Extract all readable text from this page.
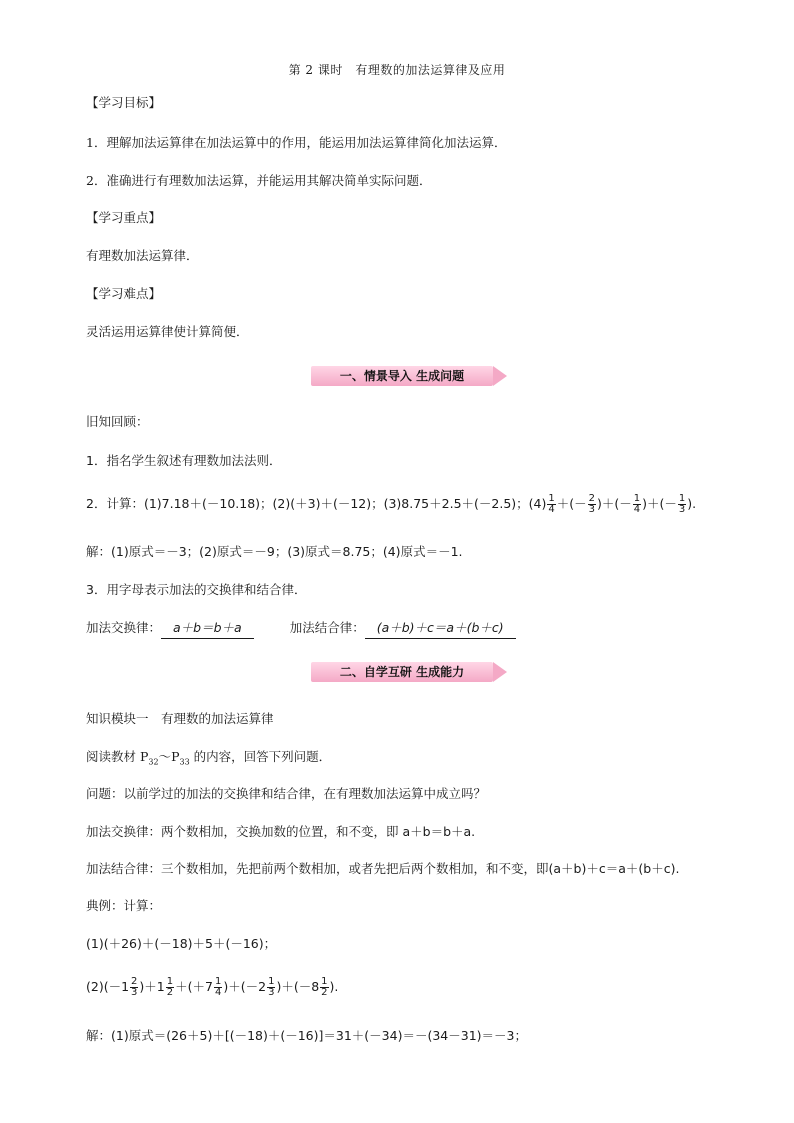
第 2 课时　有理数的加法运算律及应用
【学习目标】
1．理解加法运算律在加法运算中的作用，能运用加法运算律简化加法运算．
2．准确进行有理数加法运算，并能运用其解决简单实际问题．
【学习重点】
有理数加法运算律．
【学习难点】
灵活运用运算律使计算简便．
一、情景导入 生成问题
旧知回顾：
1．指名学生叙述有理数加法法则．
2．计算：(1)7.18＋(－10.18)；(2)(＋3)＋(－12)；(3)8.75＋2.5＋(－2.5)；$(4) \frac{1}{4}$ ＋(－ $\frac{2}{3}$ )＋(－ $\frac{1}{4}$ )＋(－ $\frac{1}{3}$ ).
解：(1)原式＝－3；(2)原式＝－9；(3)原式＝8.75；(4)原式＝－1.
3．用字母表示加法的交换律和结合律．
加法交换律： a＋b＝b＋a	加法结合律： (a＋b)＋c＝a＋(b＋c)
二、自学互研 生成能力
知识模块一　有理数的加法运算律
阅读教材 $P_{32}\sim P_{33}$ 的内容，回答下列问题．
问题：以前学过的加法的交换律和结合律，在有理数加法运算中成立吗？
加法交换律：两个数相加，交换加数的位置，和不变，即 a＋b＝b＋a.
加法结合律：三个数相加，先把前两个数相加，或者先把后两个数相加，和不变，即(a＋b)＋c＝a＋(b＋c).
典例：计算：
(1)(＋26)＋(－18)＋5＋(－16)；
$(2)(-1 \frac{2}{3} )+1 \frac{1}{2} +(+7 \frac{1}{4} )+(-2 \frac{1}{3} )+(-8 \frac{1}{2}$ ).
解：(1)原式＝(26＋5)＋[(－18)＋(－16)]＝31＋(－34)＝－(34－31)＝－3；
